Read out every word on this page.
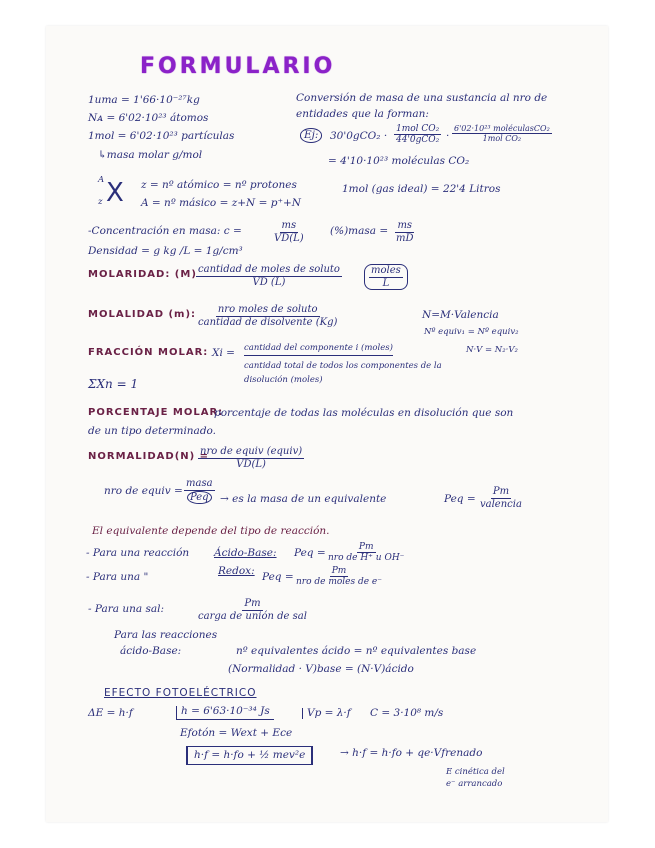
FORMULARIO
1uma = 1'66·10⁻²⁷kg
Nᴀ = 6'02·10²³ átomos
1mol = 6'02·10²³ partículas
↳masa molar g/mol
A
z X z = nº atómico = nº protones
A = nº másico = z+N = p⁺+N
-Concentración en masa: c =	$\frac{ms}{VD(L)}$
Densidad = g kg /L = 1g/cm³
Conversión de masa de una sustancia al nro de
entidades que la forman:
Ej:	30'0gCO₂ ·
1mol CO₂
44'0gCO₂ ·
6'02·10²³ moléculasCO₂
1mol CO₂
= 4'10·10²³ moléculas CO₂
1mol (gas ideal) = 22'4 Litros
(%)masa = $\frac{ms}{mD}$
MOLARIDAD: (M) cantidad de moles de soluto
VD (L)
moles
L
MOLALIDAD (m): nro moles de soluto
cantidad de disolvente (Kg)
N=M·Valencia
Nº equiv₁ = Nº equiv₂
N·V = N₂·V₂
FRACCIÓN MOLAR: Xi = cantidad del componente i (moles)
cantidad total de todos los componentes de la
disolución (moles)
ΣXn = 1
PORCENTAJE MOLAR:
porcentaje de todas las moléculas en disolución que son
de un tipo determinado.
NORMALIDAD(N) =
nro de equiv (equiv)
VD(L)
nro de equiv =
masa
Peq → es la masa de un equivalente	Peq =
Pm
valencia
El equivalente depende del tipo de reacción.
- Para una reacción Ácido-Base: Peq =	Pm
nro de H⁺ u OH⁻
- Para una "	Redox: Peq =	Pm
nro de moles de e⁻
- Para una sal:	Pm
carga de unión de sal
Para las reacciones
ácido-Base:	nº equivalentes ácido = nº equivalentes base
(Normalidad · V)base = (N·V)ácido
EFECTO FOTOELÉCTRICO
ΔE = h·f	h = 6'63·10⁻³⁴ Js	Vp = λ·f C = 3·10⁸ m/s
Efotón = Wext + Ece
h·f = h·fo + ½ mev²e	→ h·f = h·fo + qe·Vfrenado
E cinética del
e⁻ arrancado
